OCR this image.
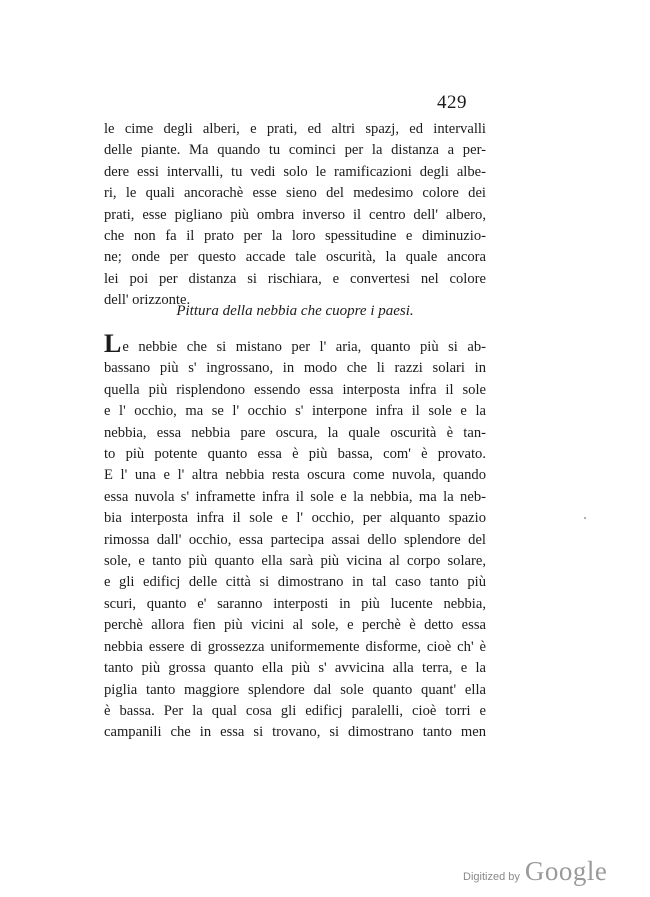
429
le cime degli alberi, e prati, ed altri spazj, ed intervalli
delle piante. Ma quando tu cominci per la distanza a per-
dere essi intervalli, tu vedi solo le ramificazioni degli albe-
ri, le quali ancorachè esse sieno del medesimo colore dei
prati, esse pigliano più ombra inverso il centro dell' albero,
che non fa il prato per la loro spessitudine e diminuzio-
ne; onde per questo accade tale oscurità, la quale ancora
lei poi per distanza si rischiara, e convertesi nel colore
dell' orizzonte.
Pittura della nebbia che cuopre i paesi.
Le nebbie che si mistano per l' aria, quanto più si ab-
bassano più s' ingrossano, in modo che li razzi solari in
quella più risplendono essendo essa interposta infra il sole
e l' occhio, ma se l' occhio s' interpone infra il sole e la
nebbia, essa nebbia pare oscura, la quale oscurità è tan-
to più potente quanto essa è più bassa, com' è provato.
E l' una e l' altra nebbia resta oscura come nuvola, quando
essa nuvola s' inframette infra il sole e la nebbia, ma la neb-
bia interposta infra il sole e l' occhio, per alquanto spazio
rimossa dall' occhio, essa partecipa assai dello splendore del
sole, e tanto più quanto ella sarà più vicina al corpo solare,
e gli edificj delle città si dimostrano in tal caso tanto più
scuri, quanto e' saranno interposti in più lucente nebbia,
perchè allora fien più vicini al sole, e perchè è detto essa
nebbia essere di grossezza uniformemente disforme, cioè ch' è
tanto più grossa quanto ella più s' avvicina alla terra, e la
piglia tanto maggiore splendore dal sole quanto quant' ella
è bassa. Per la qual cosa gli edificj paralelli, cioè torri e
campanili che in essa si trovano, si dimostrano tanto men
Digitized by Google
